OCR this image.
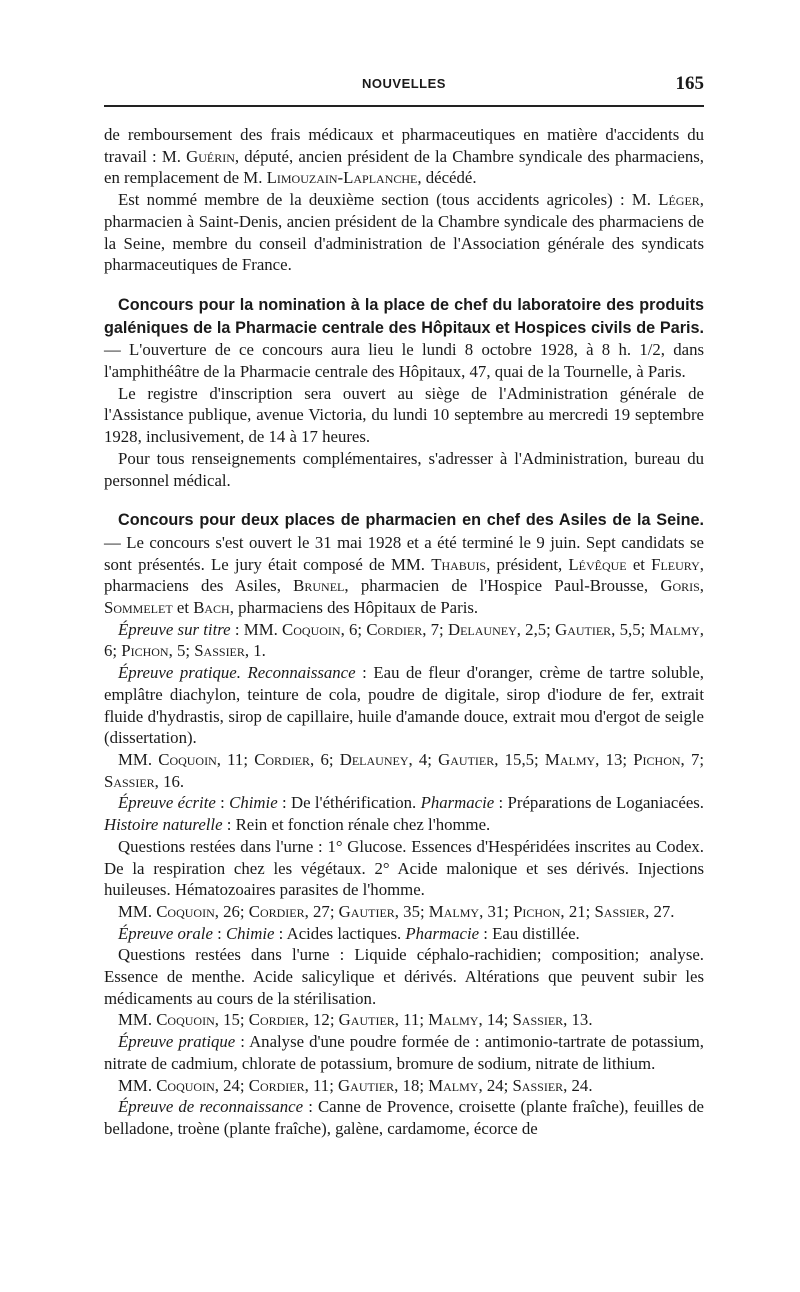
NOUVELLES	165

de remboursement des frais médicaux et pharmaceutiques en matière d'accidents du travail : M. Guérin, député, ancien président de la Chambre syndicale des pharmaciens, en remplacement de M. Limouzain-Laplanche, décédé.

Est nommé membre de la deuxième section (tous accidents agricoles) : M. Léger, pharmacien à Saint-Denis, ancien président de la Chambre syndicale des pharmaciens de la Seine, membre du conseil d'administration de l'Association générale des syndicats pharmaceutiques de France.

Concours pour la nomination à la place de chef du laboratoire des produits galéniques de la Pharmacie centrale des Hôpitaux et Hospices civils de Paris. — L'ouverture de ce concours aura lieu le lundi 8 octobre 1928, à 8 h. 1/2, dans l'amphithéâtre de la Pharmacie centrale des Hôpitaux, 47, quai de la Tournelle, à Paris.

Le registre d'inscription sera ouvert au siège de l'Administration générale de l'Assistance publique, avenue Victoria, du lundi 10 septembre au mercredi 19 septembre 1928, inclusivement, de 14 à 17 heures.

Pour tous renseignements complémentaires, s'adresser à l'Administration, bureau du personnel médical.

Concours pour deux places de pharmacien en chef des Asiles de la Seine. — Le concours s'est ouvert le 31 mai 1928 et a été terminé le 9 juin. Sept candidats se sont présentés. Le jury était composé de MM. Thabuis, président, Lévêque et Fleury, pharmaciens des Asiles, Brunel, pharmacien de l'Hospice Paul-Brousse, Goris, Sommelet et Bach, pharmaciens des Hôpitaux de Paris.

Épreuve sur titre : MM. Coquoin, 6; Cordier, 7; Delauney, 2,5; Gautier, 5,5; Malmy, 6; Pichon, 5; Sassier, 1.

Épreuve pratique. Reconnaissance : Eau de fleur d'oranger, crème de tartre soluble, emplâtre diachylon, teinture de cola, poudre de digitale, sirop d'iodure de fer, extrait fluide d'hydrastis, sirop de capillaire, huile d'amande douce, extrait mou d'ergot de seigle (dissertation).

MM. Coquoin, 11; Cordier, 6; Delauney, 4; Gautier, 15,5; Malmy, 13; Pichon, 7; Sassier, 16.

Épreuve écrite : Chimie : De l'éthérification. Pharmacie : Préparations de Loganiacées. Histoire naturelle : Rein et fonction rénale chez l'homme.

Questions restées dans l'urne : 1° Glucose. Essences d'Hespéridées inscrites au Codex. De la respiration chez les végétaux. 2° Acide malonique et ses dérivés. Injections huileuses. Hématozoaires parasites de l'homme.

MM. Coquoin, 26; Cordier, 27; Gautier, 35; Malmy, 31; Pichon, 21; Sassier, 27.

Épreuve orale : Chimie : Acides lactiques. Pharmacie : Eau distillée.

Questions restées dans l'urne : Liquide céphalo-rachidien; composition; analyse. Essence de menthe. Acide salicylique et dérivés. Altérations que peuvent subir les médicaments au cours de la stérilisation.

MM. Coquoin, 15; Cordier, 12; Gautier, 11; Malmy, 14; Sassier, 13.

Épreuve pratique : Analyse d'une poudre formée de : antimonio-tartrate de potassium, nitrate de cadmium, chlorate de potassium, bromure de sodium, nitrate de lithium.

MM. Coquoin, 24; Cordier, 11; Gautier, 18; Malmy, 24; Sassier, 24.

Épreuve de reconnaissance : Canne de Provence, croisette (plante fraîche), feuilles de belladone, troène (plante fraîche), galène, cardamome, écorce de
